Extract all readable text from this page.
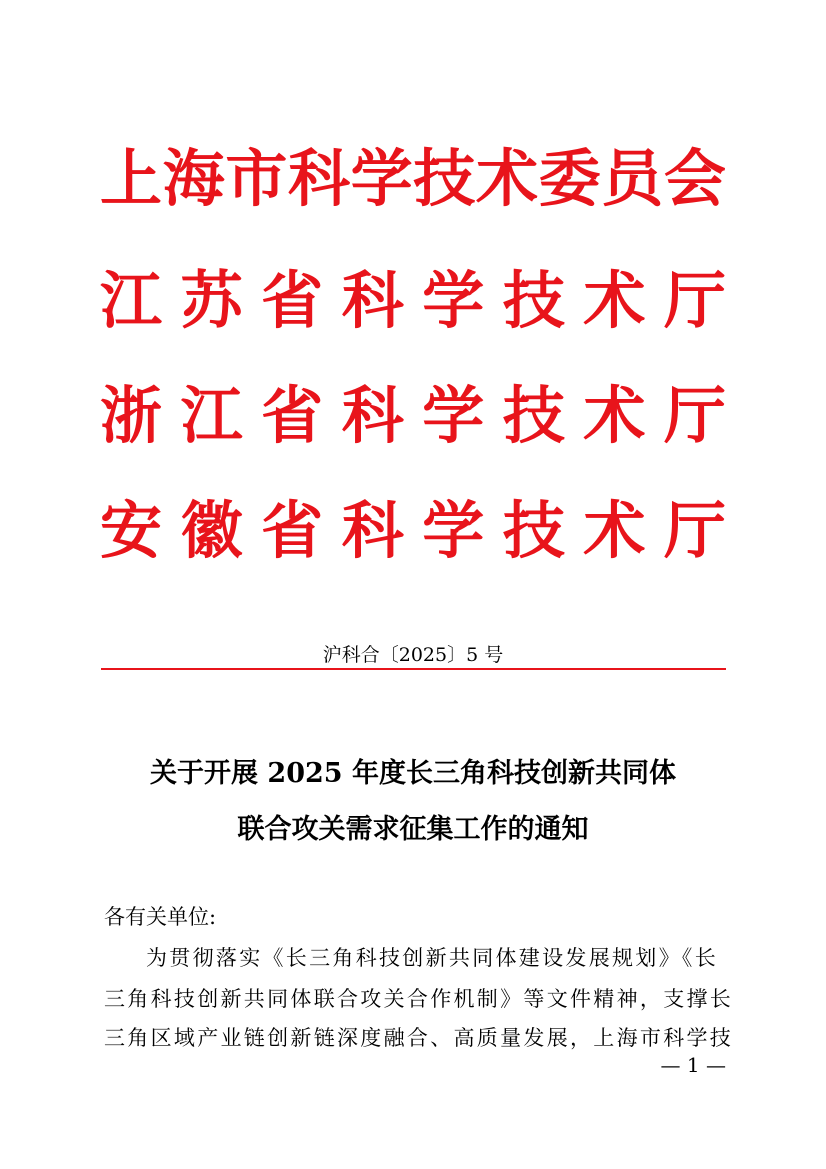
上 海 市 科 学 技 术 委 员 会
江 苏 省 科 学 技 术 厅
浙 江 省 科 学 技 术 厅
安 徽 省 科 学 技 术 厅
沪科合〔2025〕5 号
关于开展 2025 年度长三角科技创新共同体
联合攻关需求征集工作的通知
各有关单位:
为贯彻落实《长三角科技创新共同体建设发展规划》《长
三角科技创新共同体联合攻关合作机制》等文件精神，支撑长
三角区域产业链创新链深度融合、高质量发展，上海市科学技
— 1 —
